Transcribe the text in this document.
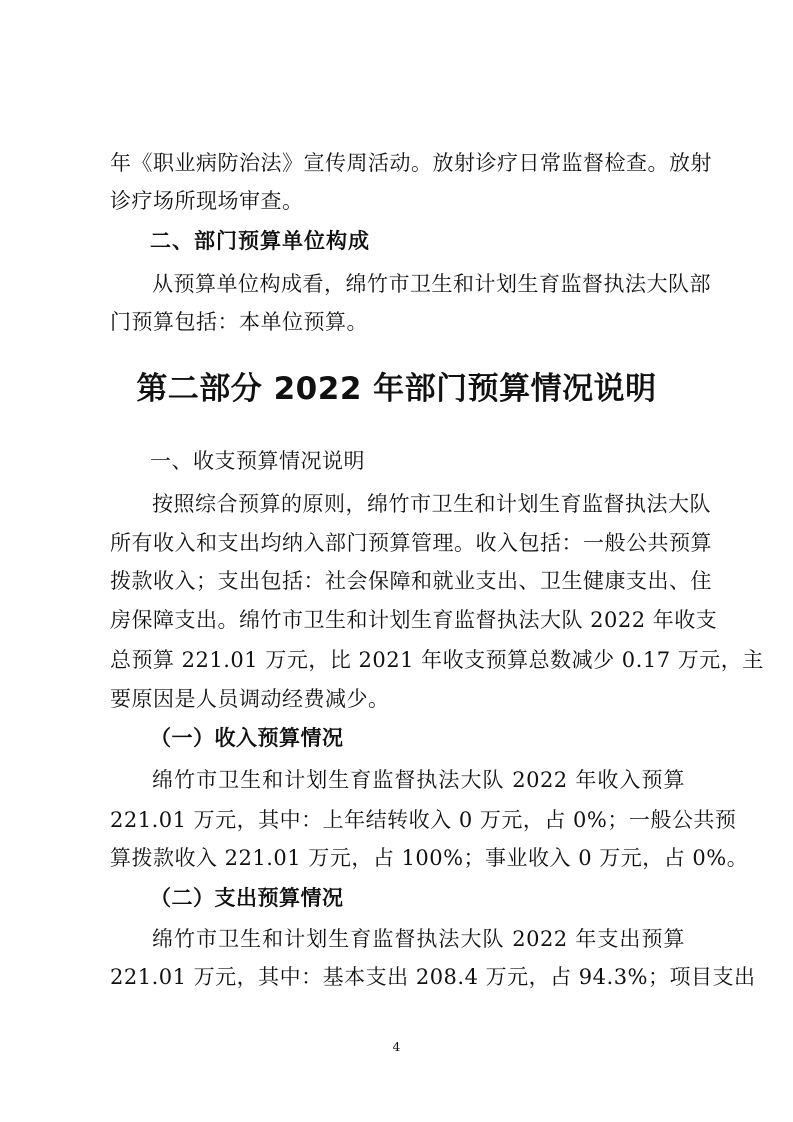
年《职业病防治法》宣传周活动。放射诊疗日常监督检查。放射
诊疗场所现场审查。
二、部门预算单位构成
从预算单位构成看，绵竹市卫生和计划生育监督执法大队部
门预算包括：本单位预算。
第二部分 2022 年部门预算情况说明
一、收支预算情况说明
按照综合预算的原则，绵竹市卫生和计划生育监督执法大队
所有收入和支出均纳入部门预算管理。收入包括：一般公共预算
拨款收入；支出包括：社会保障和就业支出、卫生健康支出、住
房保障支出。绵竹市卫生和计划生育监督执法大队 2022 年收支
总预算 221.01 万元，比 2021 年收支预算总数减少 0.17 万元，主
要原因是人员调动经费减少。
（一）收入预算情况
绵竹市卫生和计划生育监督执法大队 2022 年收入预算
221.01 万元，其中：上年结转收入 0 万元，占 0%；一般公共预
算拨款收入 221.01 万元，占 100%；事业收入 0 万元，占 0%。
（二）支出预算情况
绵竹市卫生和计划生育监督执法大队 2022 年支出预算
221.01 万元，其中：基本支出 208.4 万元，占 94.3%；项目支出
4
